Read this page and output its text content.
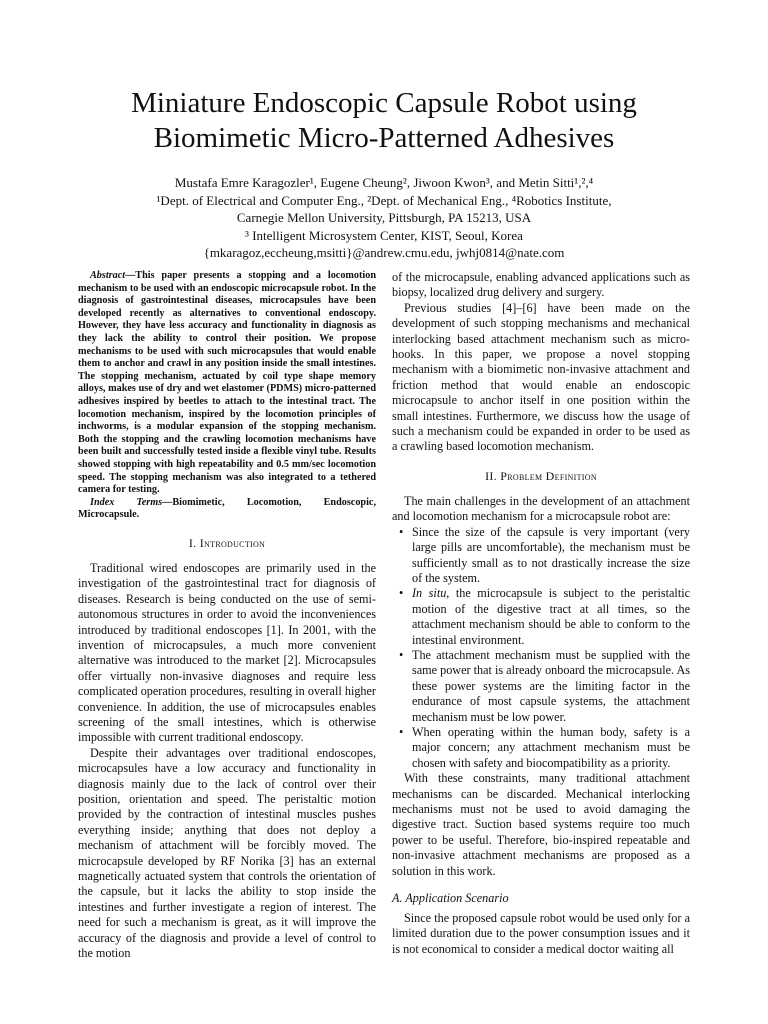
Miniature Endoscopic Capsule Robot using
Biomimetic Micro-Patterned Adhesives
Mustafa Emre Karagozler¹, Eugene Cheung², Jiwoon Kwon³, and Metin Sitti¹,²,⁴
¹Dept. of Electrical and Computer Eng., ²Dept. of Mechanical Eng., ⁴Robotics Institute,
Carnegie Mellon University, Pittsburgh, PA 15213, USA
³ Intelligent Microsystem Center, KIST, Seoul, Korea
{mkaragoz,eccheung,msitti}@andrew.cmu.edu, jwhj0814@nate.com

Abstract—This paper presents a stopping and a locomotion mechanism to be used with an endoscopic microcapsule robot. In the diagnosis of gastrointestinal diseases, microcapsules have been developed recently as alternatives to conventional endoscopy. However, they have less accuracy and functionality in diagnosis as they lack the ability to control their position. We propose mechanisms to be used with such microcapsules that would enable them to anchor and crawl in any position inside the small intestines. The stopping mechanism, actuated by coil type shape memory alloys, makes use of dry and wet elastomer (PDMS) micro-patterned adhesives inspired by beetles to attach to the intestinal tract. The locomotion mechanism, inspired by the locomotion principles of inchworms, is a modular expansion of the stopping mechanism. Both the stopping and the crawling locomotion mechanisms have been built and successfully tested inside a flexible vinyl tube. Results showed stopping with high repeatability and 0.5 mm/sec locomotion speed. The stopping mechanism was also integrated to a tethered camera for testing.

Index Terms—Biomimetic, Locomotion, Endoscopic, Microcapsule.

I. Introduction

Traditional wired endoscopes are primarily used in the investigation of the gastrointestinal tract for diagnosis of diseases. Research is being conducted on the use of semi-autonomous structures in order to avoid the inconveniences introduced by traditional endoscopes [1]. In 2001, with the invention of microcapsules, a much more convenient alternative was introduced to the market [2]. Microcapsules offer virtually non-invasive diagnoses and require less complicated operation procedures, resulting in overall higher convenience. In addition, the use of microcapsules enables screening of the small intestines, which is otherwise impossible with current traditional endoscopy.

Despite their advantages over traditional endoscopes, microcapsules have a low accuracy and functionality in diagnosis mainly due to the lack of control over their position, orientation and speed. The peristaltic motion provided by the contraction of intestinal muscles pushes everything inside; anything that does not deploy a mechanism of attachment will be forcibly moved. The microcapsule developed by RF Norika [3] has an external magnetically actuated system that controls the orientation of the capsule, but it lacks the ability to stop inside the intestines and further investigate a region of interest. The need for such a mechanism is great, as it will improve the accuracy of the diagnosis and provide a level of control to the motion

of the microcapsule, enabling advanced applications such as biopsy, localized drug delivery and surgery.

Previous studies [4]–[6] have been made on the development of such stopping mechanisms and mechanical interlocking based attachment mechanism such as micro-hooks. In this paper, we propose a novel stopping mechanism with a biomimetic non-invasive attachment and friction method that would enable an endoscopic microcapsule to anchor itself in one position within the small intestines. Furthermore, we discuss how the usage of such a mechanism could be expanded in order to be used as a crawling based locomotion mechanism.

II. Problem Definition

The main challenges in the development of an attachment and locomotion mechanism for a microcapsule robot are:

• Since the size of the capsule is very important (very large pills are uncomfortable), the mechanism must be sufficiently small as to not drastically increase the size of the system.
• In situ, the microcapsule is subject to the peristaltic motion of the digestive tract at all times, so the attachment mechanism should be able to conform to the intestinal environment.
• The attachment mechanism must be supplied with the same power that is already onboard the microcapsule. As these power systems are the limiting factor in the endurance of most capsule systems, the attachment mechanism must be low power.
• When operating within the human body, safety is a major concern; any attachment mechanism must be chosen with safety and biocompatibility as a priority.

With these constraints, many traditional attachment mechanisms can be discarded. Mechanical interlocking mechanisms must not be used to avoid damaging the digestive tract. Suction based systems require too much power to be useful. Therefore, bio-inspired repeatable and non-invasive attachment mechanisms are proposed as a solution in this work.

A. Application Scenario

Since the proposed capsule robot would be used only for a limited duration due to the power consumption issues and it is not economical to consider a medical doctor waiting all
